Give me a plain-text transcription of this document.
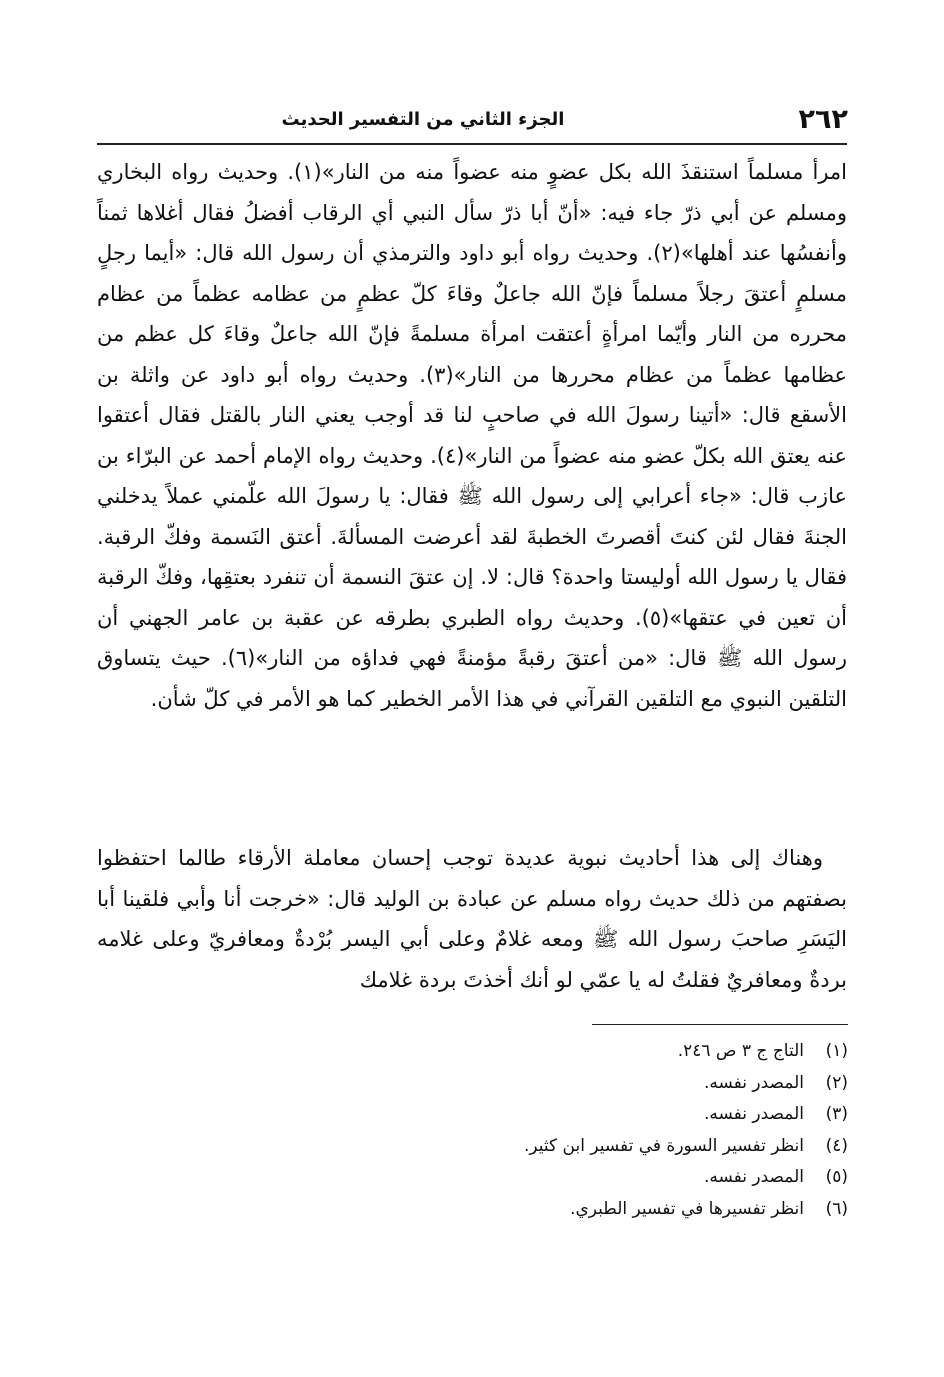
الجزء الثاني من التفسير الحديث	٢٦٢

امرأ مسلماً استنقذَ الله بكل عضوٍ منه عضواً منه من النار»(١). وحديث رواه البخاري ومسلم عن أبي ذرّ جاء فيه: «أنّ أبا ذرّ سأل النبي أي الرقاب أفضلُ فقال أغلاها ثمناً وأنفسُها عند أهلها»(٢). وحديث رواه أبو داود والترمذي أن رسول الله قال: «أيما رجلٍ مسلمٍ أعتقَ رجلاً مسلماً فإنّ الله جاعلٌ وقاءَ كلّ عظمٍ من عظامه عظماً من عظام محرره من النار وأيّما امرأةٍ أعتقت امرأة مسلمةً فإنّ الله جاعلٌ وقاءَ كل عظم من عظامها عظماً من عظام محررها من النار»(٣). وحديث رواه أبو داود عن واثلة بن الأسقع قال: «أتينا رسولَ الله في صاحبٍ لنا قد أوجب يعني النار بالقتل فقال أعتقوا عنه يعتق الله بكلّ عضو منه عضواً من النار»(٤). وحديث رواه الإمام أحمد عن البرّاء بن عازب قال: «جاء أعرابي إلى رسول الله ﷺ فقال: يا رسولَ الله علّمني عملاً يدخلني الجنةَ فقال لئن كنتَ أقصرتَ الخطبةَ لقد أعرضت المسألةَ. أعتق النَسمة وفكّ الرقبة. فقال يا رسول الله أوليستا واحدة؟ قال: لا. إن عتقَ النسمة أن تنفرد بعتقِها، وفكّ الرقبة أن تعين في عتقها»(٥). وحديث رواه الطبري بطرقه عن عقبة بن عامر الجهني أن رسول الله ﷺ قال: «من أعتقَ رقبةً مؤمنةً فهي فداؤه من النار»(٦). حيث يتساوق التلقين النبوي مع التلقين القرآني في هذا الأمر الخطير كما هو الأمر في كلّ شأن.

وهناك إلى هذا أحاديث نبوية عديدة توجب إحسان معاملة الأرقاء طالما احتفظوا بصفتهم من ذلك حديث رواه مسلم عن عبادة بن الوليد قال: «خرجت أنا وأبي فلقينا أبا اليَسَرِ صاحبَ رسول الله ﷺ ومعه غلامٌ وعلى أبي اليسر بُرْدةٌ ومعافريّ وعلى غلامه بردةٌ ومعافريٌ فقلتُ له يا عمّي لو أنك أخذتَ بردة غلامك

(١)
التاج ج ٣ ص ٢٤٦.
(٢)
المصدر نفسه.
(٣)
المصدر نفسه.
(٤)
انظر تفسير السورة في تفسير ابن كثير.
(٥)
المصدر نفسه.
(٦)
انظر تفسيرها في تفسير الطبري.
